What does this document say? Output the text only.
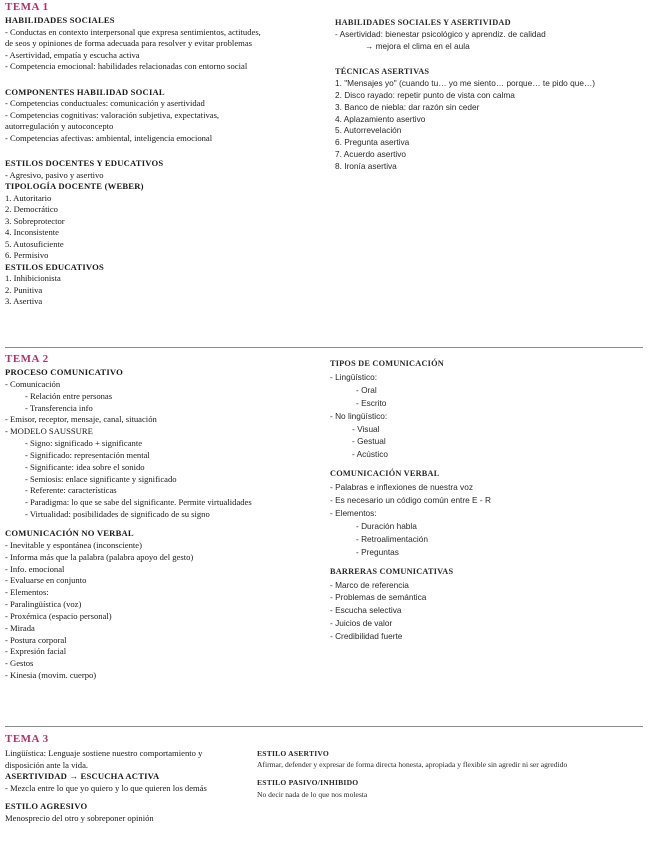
TEMA 1
HABILIDADES SOCIALES
- Conductas en contexto interpersonal que expresa sentimientos, actitudes,
de seos y opiniones de forma adecuada para resolver y evitar problemas
- Asertividad, empatía y escucha activa
- Competencia emocional: habilidades relacionadas con entorno social
COMPONENTES HABILIDAD SOCIAL
- Competencias conductuales: comunicación y asertividad
- Competencias cognitivas: valoración subjetiva, expectativas,
autorregulación y autoconcepto
- Competencias afectivas: ambiental, inteligencia emocional
ESTILOS DOCENTES Y EDUCATIVOS
- Agresivo, pasivo y asertivo
TIPOLOGÍA DOCENTE (WEBER)
1. Autoritario
2. Democrático
3. Sobreprotector
4. Inconsistente
5. Autosuficiente
6. Permisivo
ESTILOS EDUCATIVOS
1. Inhibicionista
2. Punitiva
3. Asertiva
HABILIDADES SOCIALES Y ASERTIVIDAD
- Asertividad: bienestar psicológico y aprendiz. de calidad
→ mejora el clima en el aula
TÉCNICAS ASERTIVAS
1. "Mensajes yo" (cuando tu… yo me siento… porque… te pido que…)
2. Disco rayado: repetir punto de vista con calma
3. Banco de niebla: dar razón sin ceder
4. Aplazamiento asertivo
5. Autorrevelación
6. Pregunta asertiva
7. Acuerdo asertivo
8. Ironía asertiva
TEMA 2
PROCESO COMUNICATIVO
- Comunicación
- Relación entre personas
- Transferencia info
- Emisor, receptor, mensaje, canal, situación
- MODELO SAUSSURE
- Signo: significado + significante
- Significado: representación mental
- Significante: idea sobre el sonido
- Semiosis: enlace significante y significado
- Referente: características
- Paradigma: lo que se sabe del significante. Permite virtualidades
- Virtualidad: posibilidades de significado de su signo
COMUNICACIÓN NO VERBAL
- Inevitable y espontánea (inconsciente)
- Informa más que la palabra (palabra apoyo del gesto)
- Info. emocional
- Evaluarse en conjunto
- Elementos:
- Paralingüística (voz)
- Proxémica (espacio personal)
- Mirada
- Postura corporal
- Expresión facial
- Gestos
- Kinesia (movim. cuerpo)
TIPOS DE COMUNICACIÓN
- Lingüístico:
- Oral
- Escrito
- No lingüístico:
- Visual
- Gestual
- Acústico
COMUNICACIÓN VERBAL
- Palabras e inflexiones de nuestra voz
- Es necesario un código común entre E - R
- Elementos:
- Duración habla
- Retroalimentación
- Preguntas
BARRERAS COMUNICATIVAS
- Marco de referencia
- Problemas de semántica
- Escucha selectiva
- Juicios de valor
- Credibilidad fuerte
TEMA 3
Lingüística: Lenguaje sostiene nuestro comportamiento y
disposición ante la vida.
ASERTIVIDAD → ESCUCHA ACTIVA
- Mezcla entre lo que yo quiero y lo que quieren los demás
ESTILO AGRESIVO
Menosprecio del otro y sobreponer opinión
ESTILO ASERTIVO
Afirmar, defender y expresar de forma directa honesta, apropiada y flexible sin agredir ni ser agredido
ESTILO PASIVO/INHIBIDO
No decir nada de lo que nos molesta
